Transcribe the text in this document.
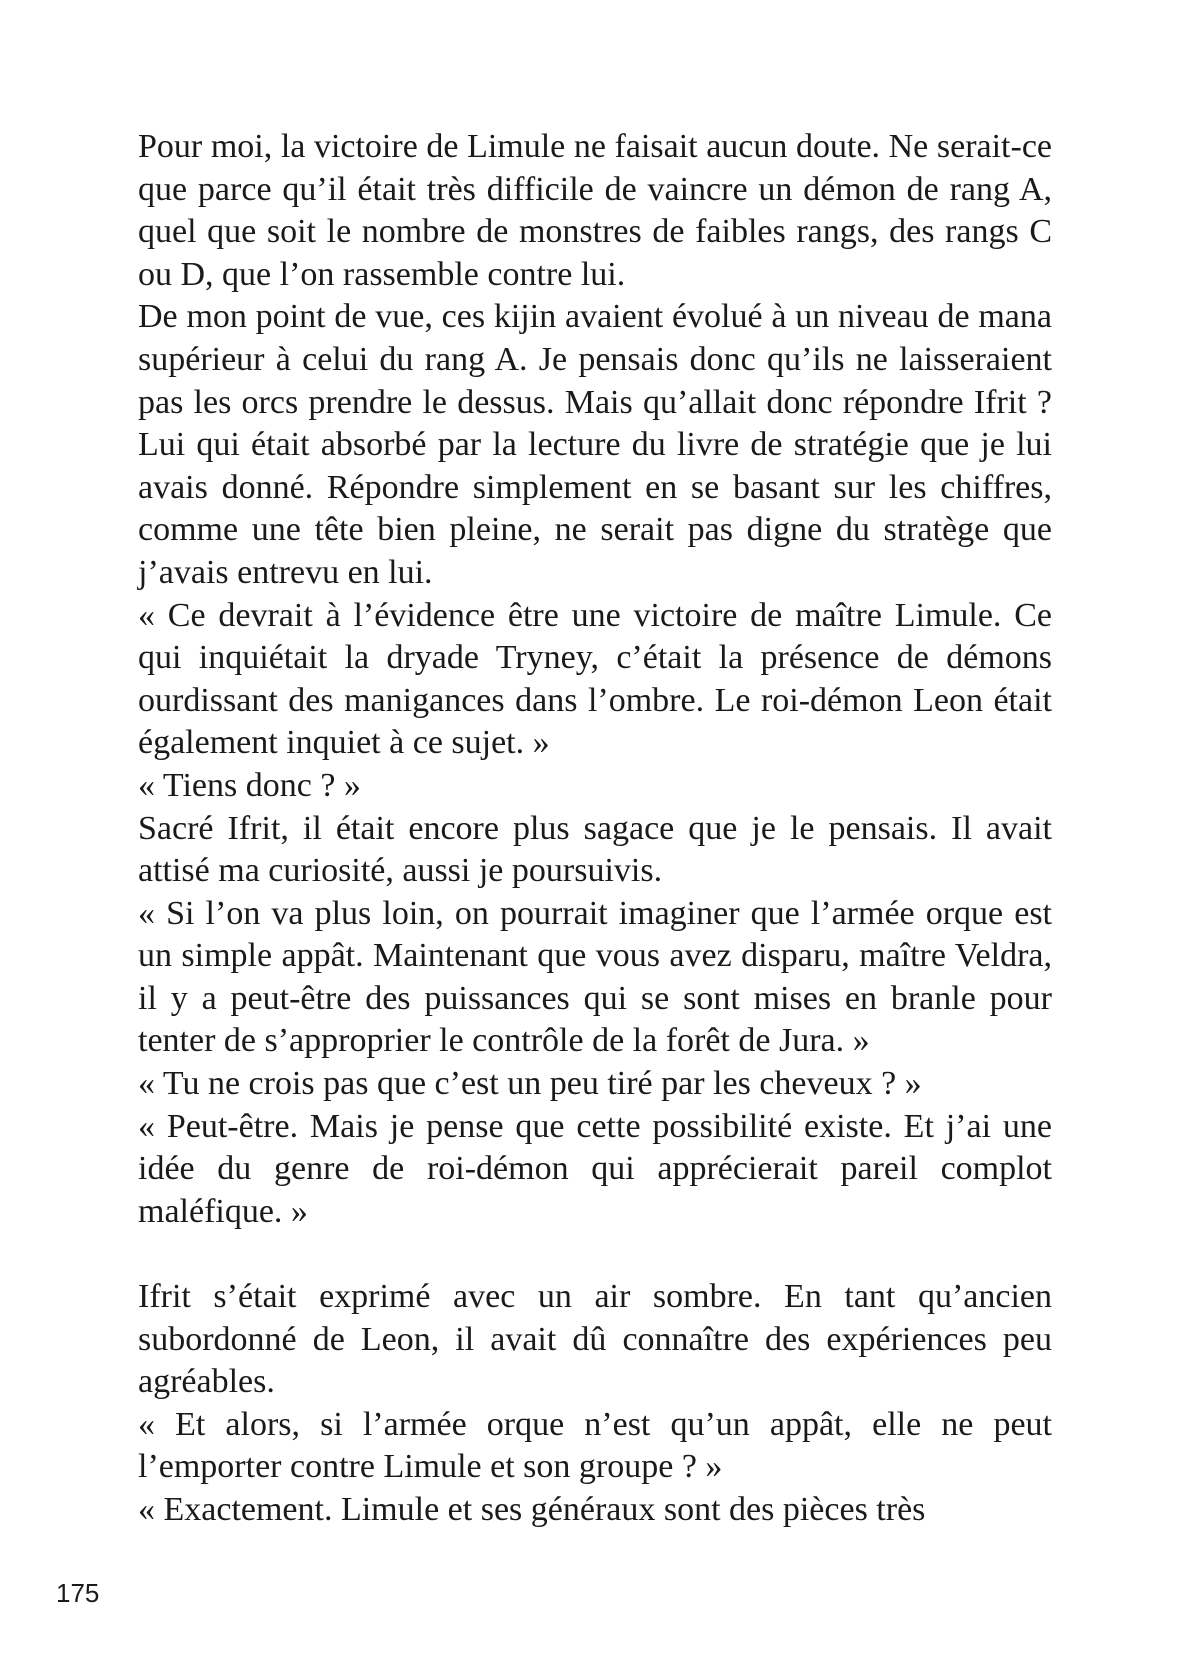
Pour moi, la victoire de Limule ne faisait aucun doute. Ne serait-ce que parce qu’il était très difficile de vaincre un démon de rang A, quel que soit le nombre de monstres de faibles rangs, des rangs C ou D, que l’on rassemble contre lui.

De mon point de vue, ces kijin avaient évolué à un niveau de mana supérieur à celui du rang A. Je pensais donc qu’ils ne laisseraient pas les orcs prendre le dessus. Mais qu’allait donc répondre Ifrit ? Lui qui était absorbé par la lecture du livre de stratégie que je lui avais donné. Répondre simplement en se basant sur les chiffres, comme une tête bien pleine, ne serait pas digne du stratège que j’avais entrevu en lui.

« Ce devrait à l’évidence être une victoire de maître Limule. Ce qui inquiétait la dryade Tryney, c’était la présence de démons ourdissant des manigances dans l’ombre. Le roi-démon Leon était également inquiet à ce sujet. »

« Tiens donc ? »

Sacré Ifrit, il était encore plus sagace que je le pensais. Il avait attisé ma curiosité, aussi je poursuivis.

« Si l’on va plus loin, on pourrait imaginer que l’armée orque est un simple appât. Maintenant que vous avez disparu, maître Veldra, il y a peut-être des puissances qui se sont mises en branle pour tenter de s’approprier le contrôle de la forêt de Jura. »

« Tu ne crois pas que c’est un peu tiré par les cheveux ? »

« Peut-être. Mais je pense que cette possibilité existe. Et j’ai une idée du genre de roi-démon qui apprécierait pareil complot maléfique. »

Ifrit s’était exprimé avec un air sombre. En tant qu’ancien subordonné de Leon, il avait dû connaître des expériences peu agréables.

« Et alors, si l’armée orque n’est qu’un appât, elle ne peut l’emporter contre Limule et son groupe ? »

« Exactement. Limule et ses généraux sont des pièces très

175
